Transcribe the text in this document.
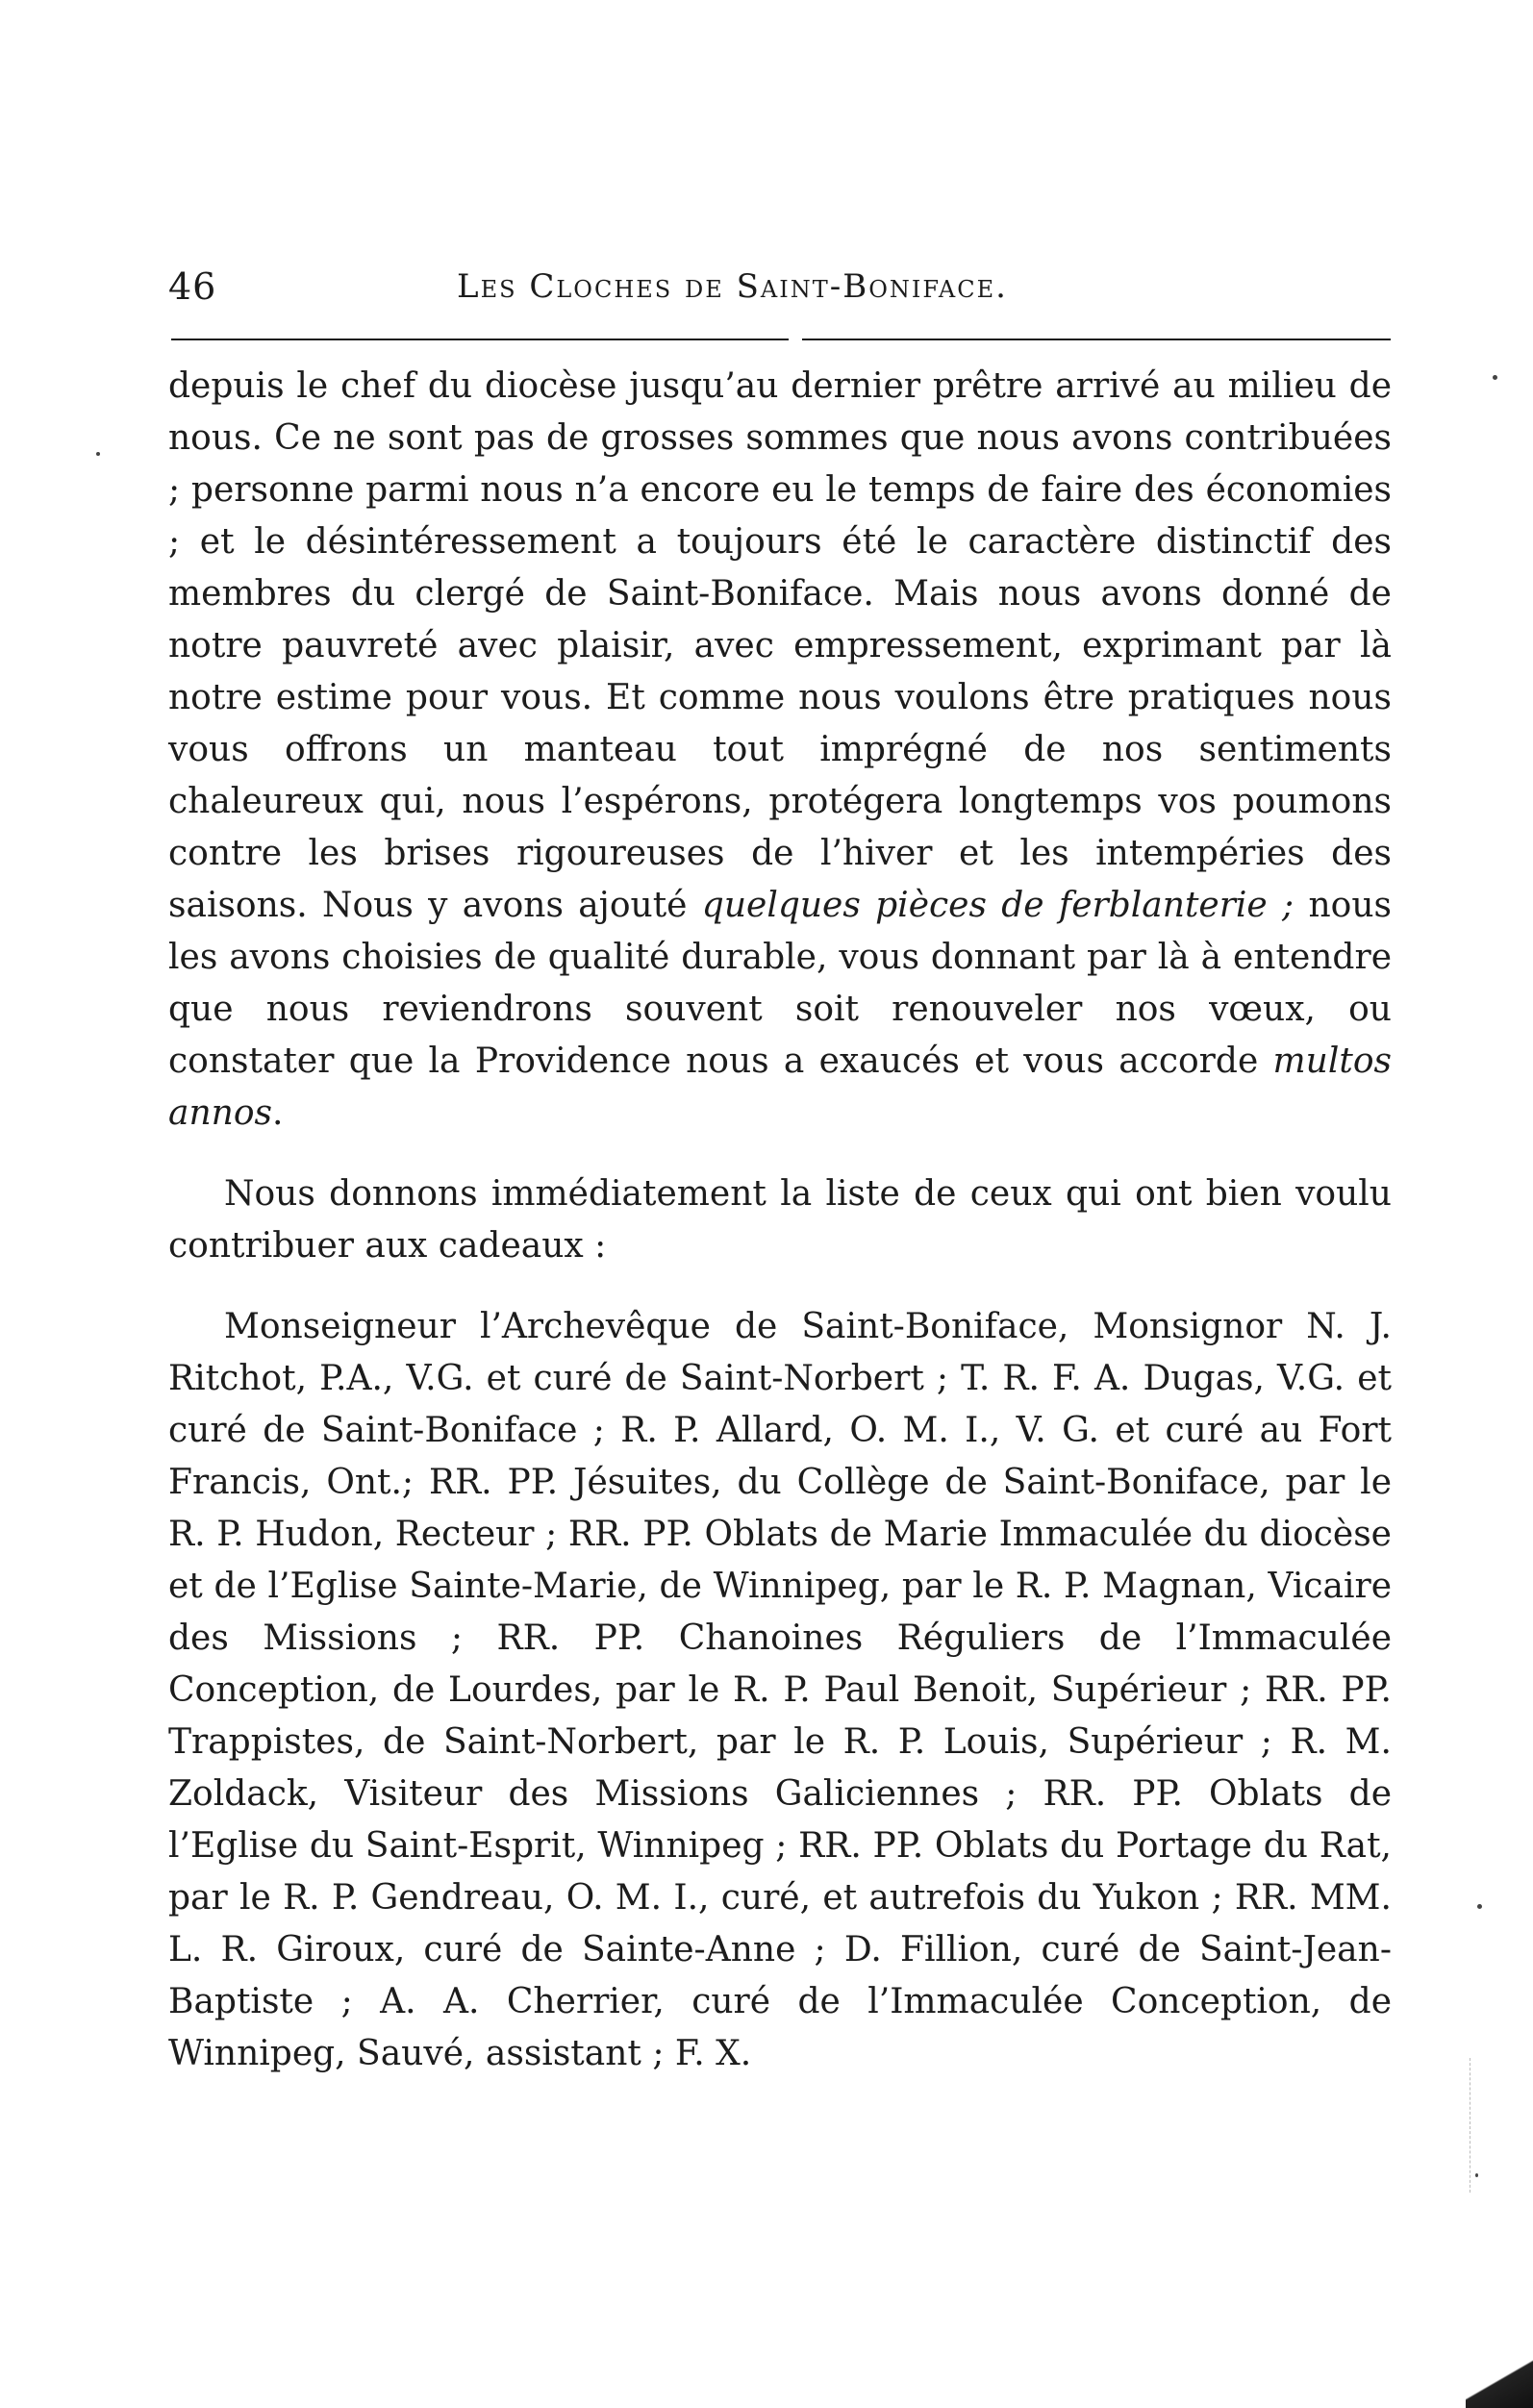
46	Les Cloches de Saint-Boniface.

depuis le chef du diocèse jusqu’au dernier prêtre arrivé au milieu de nous. Ce ne sont pas de grosses sommes que nous avons contribuées ; personne parmi nous n’a encore eu le temps de faire des économies ; et le désintéressement a toujours été le caractère distinctif des membres du clergé de Saint-Boniface. Mais nous avons donné de notre pauvreté avec plaisir, avec empressement, exprimant par là notre estime pour vous. Et comme nous voulons être pratiques nous vous offrons un manteau tout imprégné de nos sentiments chaleureux qui, nous l’espérons, protégera longtemps vos poumons contre les brises rigoureuses de l’hiver et les intempéries des saisons. Nous y avons ajouté quelques pièces de ferblanterie ; nous les avons choisies de qualité durable, vous donnant par là à entendre que nous reviendrons souvent soit renouveler nos vœux, ou constater que la Providence nous a exaucés et vous accorde multos annos.

Nous donnons immédiatement la liste de ceux qui ont bien voulu contribuer aux cadeaux :

Monseigneur l’Archevêque de Saint-Boniface, Monsignor N. J. Ritchot, P.A., V.G. et curé de Saint-Norbert ; T. R. F. A. Dugas, V.G. et curé de Saint-Boniface ; R. P. Allard, O. M. I., V. G. et curé au Fort Francis, Ont.; RR. PP. Jésuites, du Collège de Saint-Boniface, par le R. P. Hudon, Recteur ; RR. PP. Oblats de Marie Immaculée du diocèse et de l’Eglise Sainte-Marie, de Winnipeg, par le R. P. Magnan, Vicaire des Missions ; RR. PP. Chanoines Réguliers de l’Immaculée Conception, de Lourdes, par le R. P. Paul Benoit, Supérieur ; RR. PP. Trappistes, de Saint-Norbert, par le R. P. Louis, Supérieur ; R. M. Zoldack, Visiteur des Missions Galiciennes ; RR. PP. Oblats de l’Eglise du Saint-Esprit, Winnipeg ; RR. PP. Oblats du Portage du Rat, par le R. P. Gendreau, O. M. I., curé, et autrefois du Yukon ; RR. MM. L. R. Giroux, curé de Sainte-Anne ; D. Fillion, curé de Saint-Jean-Baptiste ; A. A. Cherrier, curé de l’Immaculée Conception, de Winnipeg, Sauvé, assistant ; F. X.
